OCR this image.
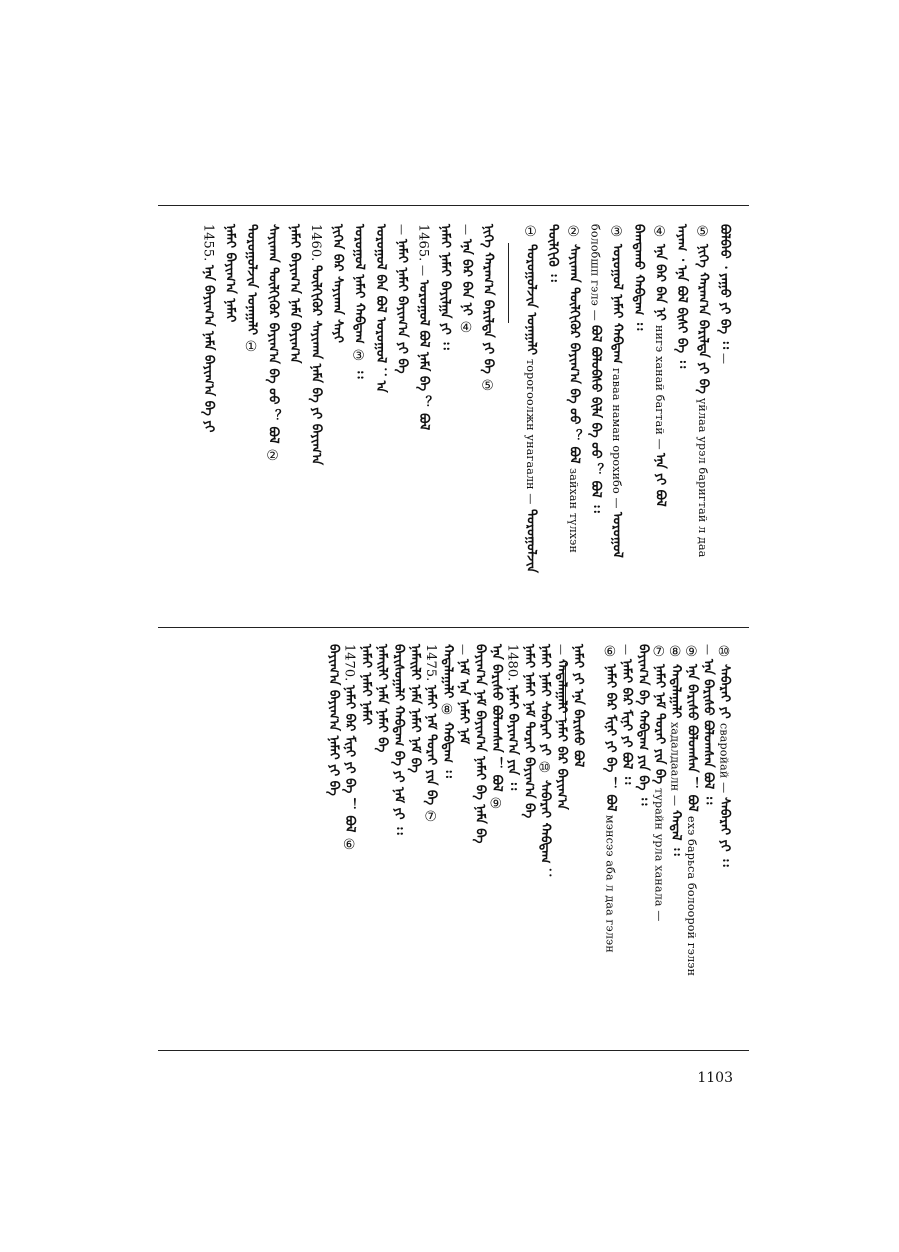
ᠪᠣᠯᠪᠠᠤ ᠂ ᠶᠠᠭᠤ ᠶᠢ ᠪᠠ ᠄᠄
—
⑤
ᠨᠢᠭᠡ ᠬᠠᠷᠠᠭ᠎ᠠ ᠪᠠᠷᠢᠯᠳᠠ ᠶᠢ ᠪᠠ
үйлаа урэл баригтай л даа
ᠠᠶᠠᠭ ᠂ ᠡᠨᠡ ᠪᠣᠯ ᠪᠢᠰᠢ ᠪᠠ ᠄᠄
④
ᠡᠨᠡ ᠪᠡᠷ ᠪᠠᠨ ᠨᠢ
нигэ ханай багтай —
ᠡᠨᠡ ᠶᠢ ᠪᠣᠯ
ᠪᠠᠭᠲᠠᠬᠤ ᠬᠠᠪᠲᠠᠭ ᠄᠄
③
ᠣᠷᠣᠭᠤᠯ ᠨᠠᠮᠠᠢ ᠬᠠᠪᠲᠠᠭ
гаваа наман орохибо —
ᠣᠷᠣᠭᠤᠯ
болобшп гэлэ —
ᠪᠣᠯ ᠪᠣᠯᠣᠪᠰᠤ ᠪᠢᠯᠡ ᠪᠠ ᠤᠤ ？ ᠪᠣᠯ ᠄᠄
②
ᠰᠠᠶᠢᠬᠠᠨ ᠲᠦᠯᠬᠢᠭᠦᠷ ᠪᠠᠶᠢᠭ᠎ᠠ ᠪᠠ ᠤᠤ ？ ᠪᠣᠯ
зайхан түлхэн
ᠲᠦᠯᠬᠢᠬᠦ ᠄᠄
①
ᠲᠣᠷᠣᠭᠣᠯᠵᠢᠨ ᠤᠨᠠᠭᠠᠯᠢ
торогоолжн унагаалн —
ᠲᠣᠷᠣᠭᠣᠯᠵᠢᠨ
ᠨᠢᠭᠡ ᠬᠠᠷᠠᠭ᠎ᠠ ᠪᠠᠷᠢᠯᠳᠠ ᠶᠢ ᠪᠠ
⑤
—
ᠡᠨᠡ ᠪᠡᠷ ᠪᠠᠨ ᠨᠢ
④
ᠨᠠᠮᠠᠢ ᠨᠠᠮᠠᠢ ᠪᠠᠶᠢᠯᠭᠠ ᠶᠢ ᠄᠄
1465.
—
ᠣᠷᠣᠭᠤᠯ ᠪᠣᠯ ᠨᠠᠮᠠ ᠪᠠ ？ ᠪᠣᠯ
—
ᠨᠠᠮᠠᠢ ᠨᠠᠮᠠᠢ ᠪᠠᠶᠢᠭ᠎ᠠ ᠶᠢ ᠪᠠ
ᠣᠷᠣᠭᠤᠯ ᠪᠠᠨ ᠪᠣᠯ ᠣᠷᠣᠭᠤᠯ ：ᠠ
ᠣᠷᠣᠭᠤᠯ ᠨᠠᠮᠠᠢ ᠬᠠᠪᠲᠠᠭ
③
᠄᠄
ᠨᠢᠭᠡᠨ ᠪᠡᠷ ᠰᠠᠶᠢᠬᠠᠨ ᠰᠠᠶᠢ
1460.
ᠲᠦᠯᠬᠢᠭᠦᠷ ᠰᠠᠶᠢᠬᠠᠨ ᠨᠠᠮᠠ ᠪᠠ ᠶᠢ ᠪᠠᠶᠢᠭ᠎ᠠ
ᠨᠠᠮᠠᠢ ᠪᠠᠶᠢᠭ᠎ᠠ ᠨᠠᠮᠠ ᠪᠠᠶᠢᠭ᠎ᠠ
ᠰᠠᠶᠢᠬᠠᠨ ᠲᠦᠯᠬᠢᠭᠦᠷ ᠪᠠᠶᠢᠭ᠎ᠠ ᠪᠠ ᠤᠤ ？ ᠪᠣᠯ
②
ᠲᠣᠷᠣᠭᠣᠯᠵᠢᠨ ᠤᠨᠠᠭᠠᠯᠢ
①
ᠨᠠᠮᠠᠢ ᠪᠠᠶᠢᠭ᠎ᠠ ᠨᠠᠮᠠᠢ
1455.
ᠡᠨᠡ ᠪᠠᠶᠢᠭ᠎ᠠ ᠨᠠᠮᠠ ᠪᠠᠶᠢᠭ᠎ᠠ ᠪᠠ ᠶᠢ
⑩
ᠰᠠᠪᠠᠷᠠᠢ ᠶᠢ
сваройай —
ᠰᠠᠪᠠᠷᠠᠢ ᠶᠢ ᠄᠄
—
ᠡᠨᠡ ᠪᠠᠷᠢᠰᠤ ᠪᠣᠯᠣᠭᠰᠠᠨ ᠪᠣᠯ ᠄᠄
⑨
ᠡᠨᠡ ᠪᠠᠷᠢᠰᠤ ᠪᠣᠯᠣᠭᠰᠠᠨ ！ ᠪᠣᠯ
ехэ барьса болоорой гэлэн
⑧
ᠬᠠᠳᠠᠯᠠᠭᠠᠯᠢ
хадалдаалн —
ᠬᠠᠳᠠᠯ ᠄᠄
⑦
ᠨᠠᠮᠠᠢ ᠨᠠᠮ ᠲᠤᠷᠠᠢ ᠶᠢᠨ ᠪᠡ
турайн урла ханала —
ᠪᠠᠶᠢᠭ᠎ᠠ ᠪᠠ ᠬᠠᠪᠲᠠᠭ ᠶᠢᠨ ᠪᠡ ᠄᠄
—
ᠨᠠᠮᠠᠢ ᠪᠡᠷ ᠮᠢᠨᠢ ᠶᠢ ᠪᠣᠯ ᠄᠄
⑥
ᠨᠠᠮᠠᠢ ᠪᠡᠷ ᠮᠢᠨᠢ ᠶᠢ ᠪᠠ ！ ᠪᠣᠯ
мэнсээ аба л даа гэлэн
ᠨᠠᠮᠠᠢ ᠶᠢ ᠡᠨᠡ ᠪᠠᠷᠢᠰᠤ ᠪᠣᠯ
—
ᠬᠠᠳᠠᠯᠠᠭᠠᠯᠢ ᠨᠠᠮᠠᠢ ᠪᠡᠷ ᠪᠠᠶᠢᠭ᠎ᠠ
ᠨᠠᠮᠠᠢ ᠨᠠᠮᠠᠢ ᠰᠠᠪᠠᠷᠠᠢ ᠶᠢ
⑩
ᠰᠠᠪᠠᠷᠠᠢ ᠬᠠᠪᠲᠠᠭ ：
ᠨᠠᠮᠠᠢ ᠨᠠᠮᠠᠢ ᠨᠠᠮ ᠲᠤᠷᠠᠢ ᠪᠠᠶᠢᠭ᠎ᠠ ᠪᠠ
1480.
ᠨᠠᠮᠠᠢ ᠪᠠᠶᠢᠭ᠎ᠠ ᠶᠢᠨ ᠄᠄
ᠡᠨᠡ ᠪᠠᠷᠢᠰᠤ ᠪᠣᠯᠣᠭᠰᠠᠨ ！ ᠪᠣᠯ
⑨
ᠪᠠᠶᠢᠭ᠎ᠠ ᠨᠠᠮ ᠪᠠᠶᠢᠭ᠎ᠠ ᠨᠠᠮᠠᠢ ᠪᠠ ᠨᠠᠮᠠ ᠪᠠ
—
ᠨᠠᠮ ᠡᠨᠡ ᠨᠠᠮᠠᠢ ᠨᠠᠮ
ᠬᠠᠳᠠᠯᠠᠭᠠᠯᠢ
⑧
ᠬᠠᠪᠲᠠᠭ ᠄᠄
1475.
ᠨᠠᠮᠠᠢ ᠨᠠᠮ ᠲᠤᠷᠠᠢ ᠶᠢᠨ ᠪᠡ
⑦
ᠨᠠᠮᠠᠢᠯᠢ ᠨᠠᠮᠠ ᠨᠠᠮᠠᠢ ᠨᠠᠮ ᠪᠠ
ᠪᠠᠷᠢᠰᠤᠭᠠᠯᠢ ᠬᠠᠪᠲᠠᠭ ᠪᠠ ᠶᠢ ᠨᠠᠮ ᠶᠢ ᠄᠄
ᠨᠠᠮᠠᠢᠯᠢ ᠨᠠᠮᠠ ᠨᠠᠮᠠᠢ ᠪᠡ
ᠨᠠᠮᠠᠢ ᠨᠠᠮᠠᠢ ᠨᠠᠮᠠᠢ
1470.
ᠨᠠᠮᠠᠢ ᠪᠡᠷ ᠮᠢᠨᠢ ᠶᠢ ᠪᠠ ！ ᠪᠣᠯ
⑥
ᠪᠠᠶᠢᠭ᠎ᠠ ᠪᠠᠶᠢᠭ᠎ᠠ ᠨᠠᠮᠠᠢ ᠶᠢ ᠪᠠ
1103
